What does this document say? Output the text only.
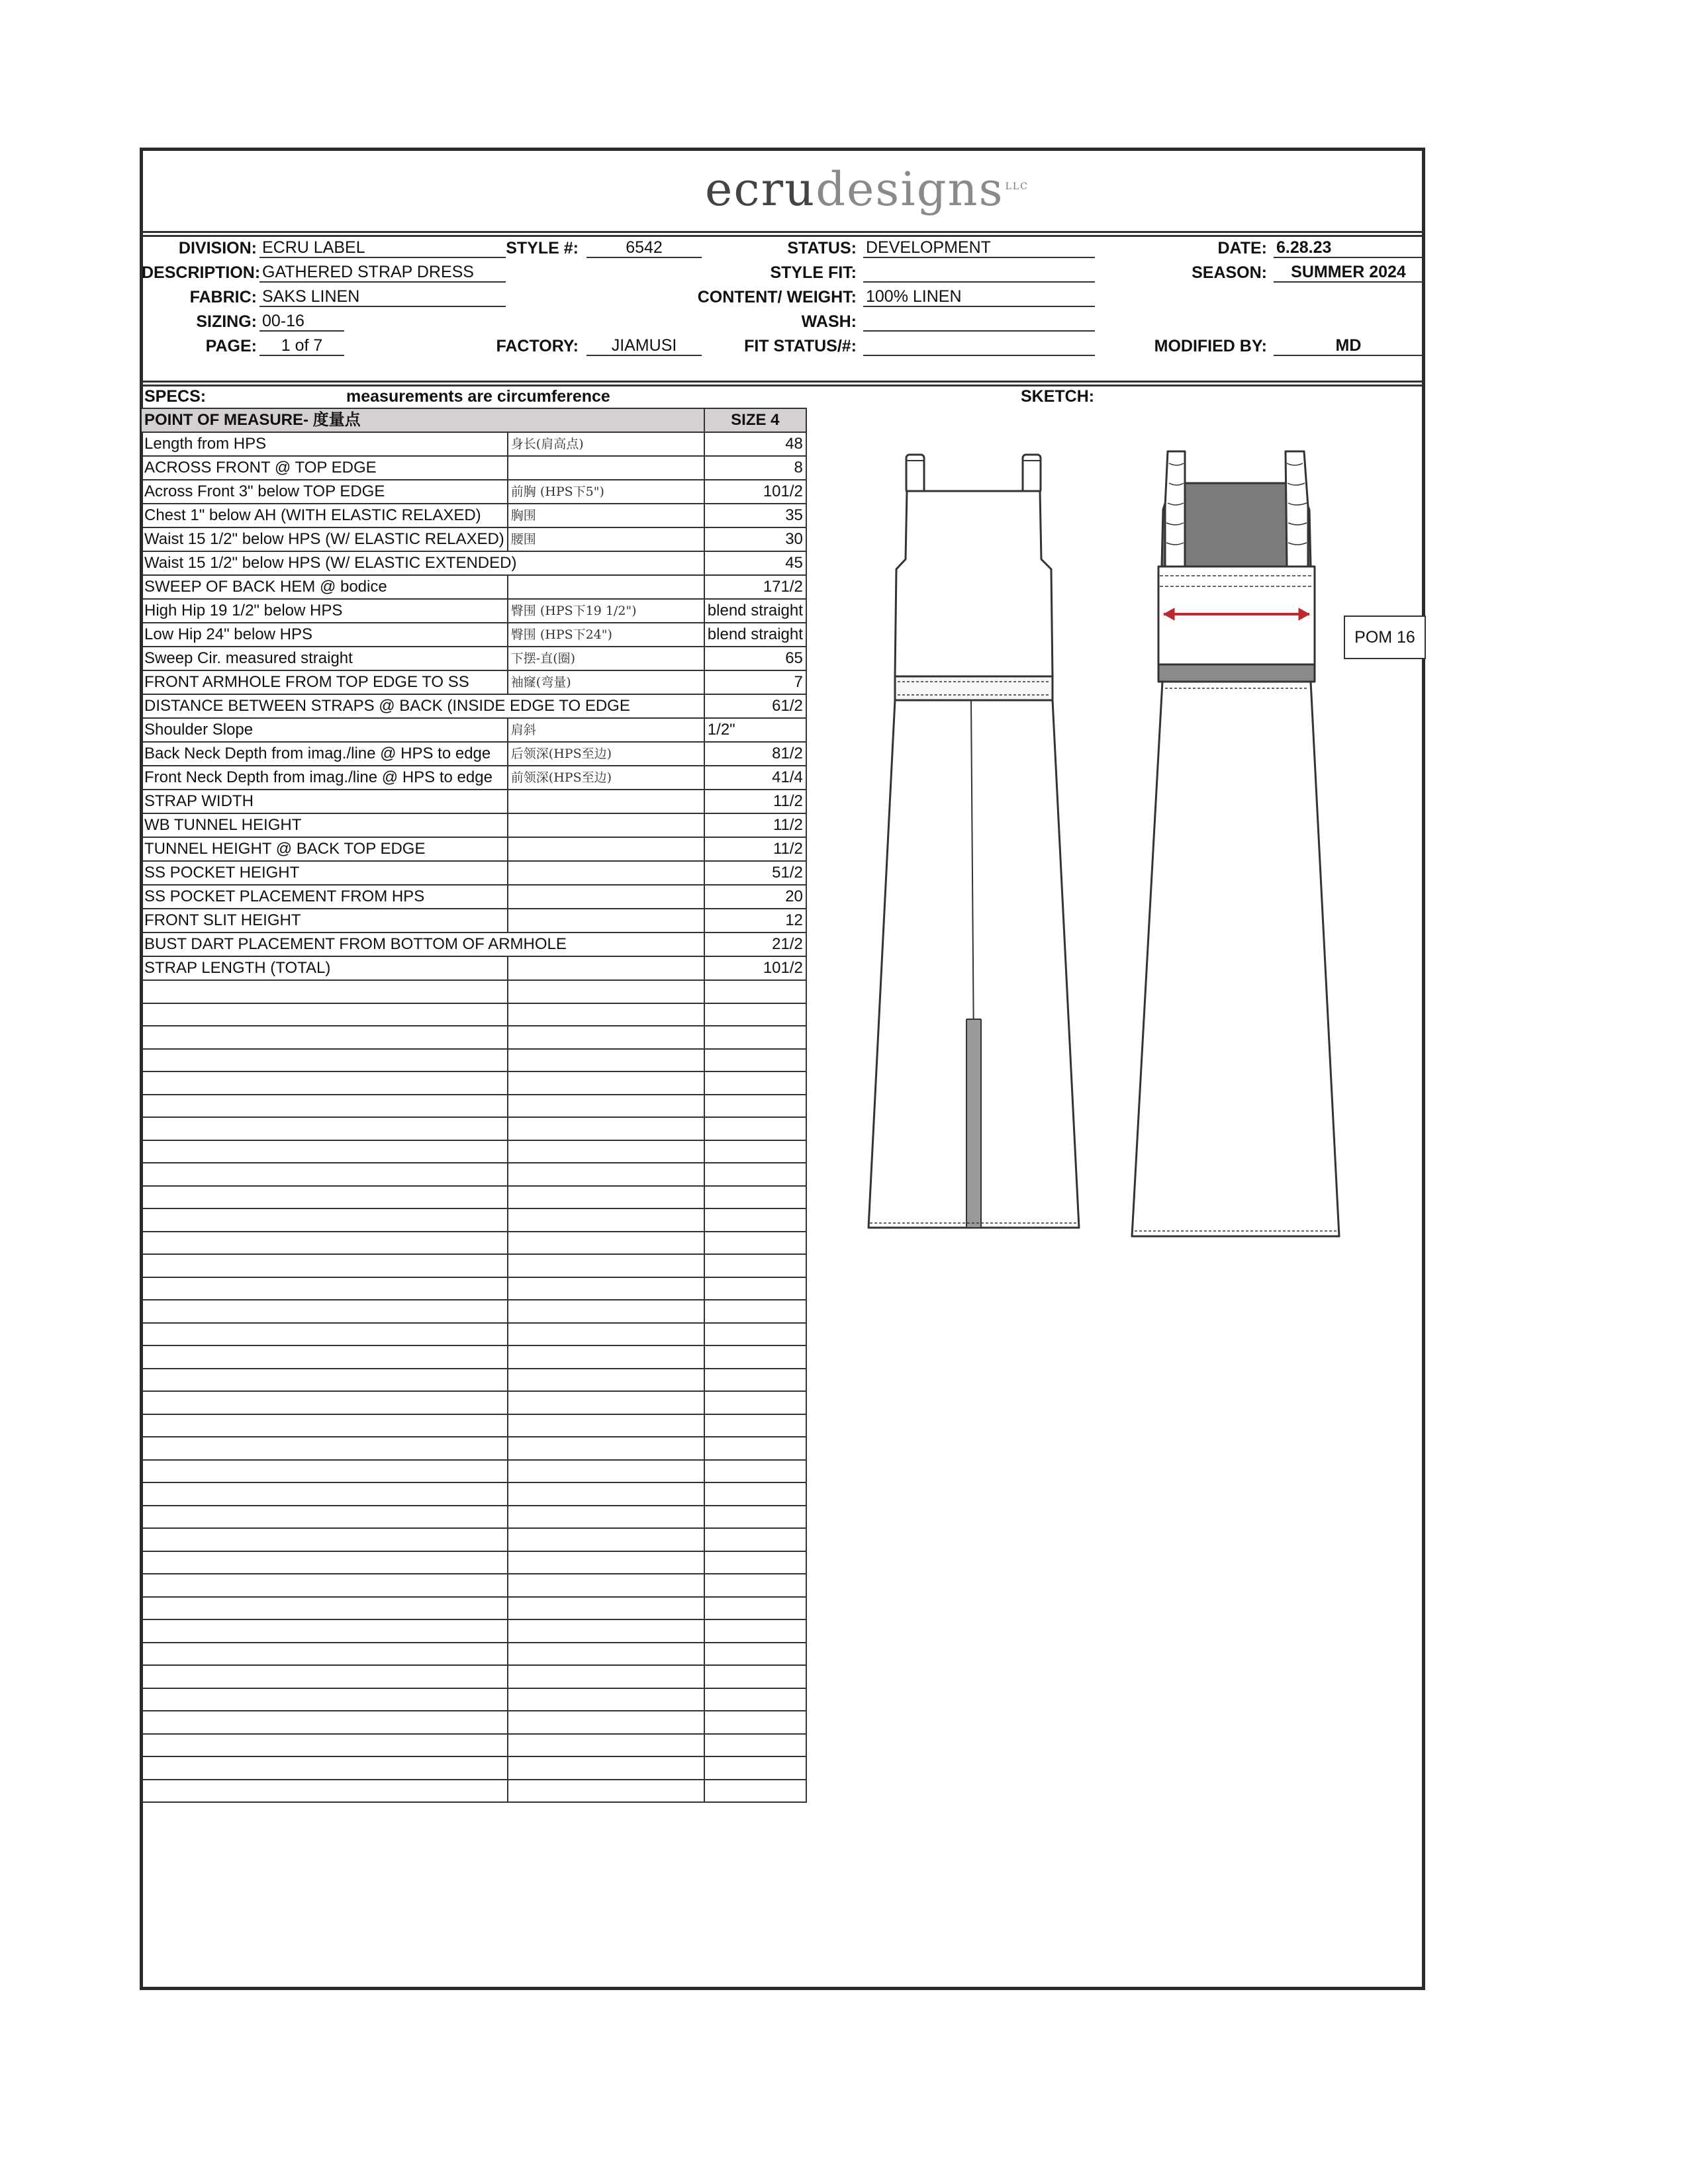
ecrudesigns $^{LLC}$
DIVISION: ECRU LABEL
DESCRIPTION: GATHERED STRAP DRESS
FABRIC: SAKS LINEN
SIZING: 00-16
PAGE:	1 of 7
STYLE #:	6542
FACTORY:	JIAMUSI
STATUS: DEVELOPMENT
STYLE FIT:
CONTENT/ WEIGHT: 100% LINEN
WASH:
FIT STATUS/#:
DATE: 6.28.23
SEASON:	SUMMER 2024
MODIFIED BY:	MD
SPECS:	measurements are circumference	SKETCH:
POINT OF MEASURE- 度量点		SIZE 4
Length from HPS	身长(肩高点)	48
ACROSS FRONT @ TOP EDGE		8
Across Front 3" below TOP EDGE	前胸 (HPS下5")	101/2
Chest 1" below AH (WITH ELASTIC RELAXED)	胸围	35
Waist 15 1/2" below HPS (W/ ELASTIC RELAXED)	腰围	30
Waist 15 1/2" below HPS (W/ ELASTIC EXTENDED)		45
SWEEP OF BACK HEM @ bodice		171/2
High Hip 19 1/2" below HPS	臀围 (HPS下19 1/2")	blend straight
Low Hip 24" below HPS	臀围 (HPS下24")	blend straight
Sweep Cir. measured straight	下摆-直(圈)	65
FRONT ARMHOLE FROM TOP EDGE TO SS	袖窿(弯量)	7
DISTANCE BETWEEN STRAPS @ BACK (INSIDE EDGE TO EDGE		61/2
Shoulder Slope	肩斜	1/2"
Back Neck Depth from imag./line @ HPS to edge	后领深(HPS至边)	81/2
Front Neck Depth from imag./line @ HPS to edge	前领深(HPS至边)	41/4
STRAP WIDTH		11/2
WB TUNNEL HEIGHT		11/2
TUNNEL HEIGHT @ BACK TOP EDGE		11/2
SS POCKET HEIGHT		51/2
SS POCKET PLACEMENT FROM HPS		20
FRONT SLIT HEIGHT		12
BUST DART PLACEMENT FROM BOTTOM OF ARMHOLE		21/2
STRAP LENGTH (TOTAL)		101/2

POM 16
